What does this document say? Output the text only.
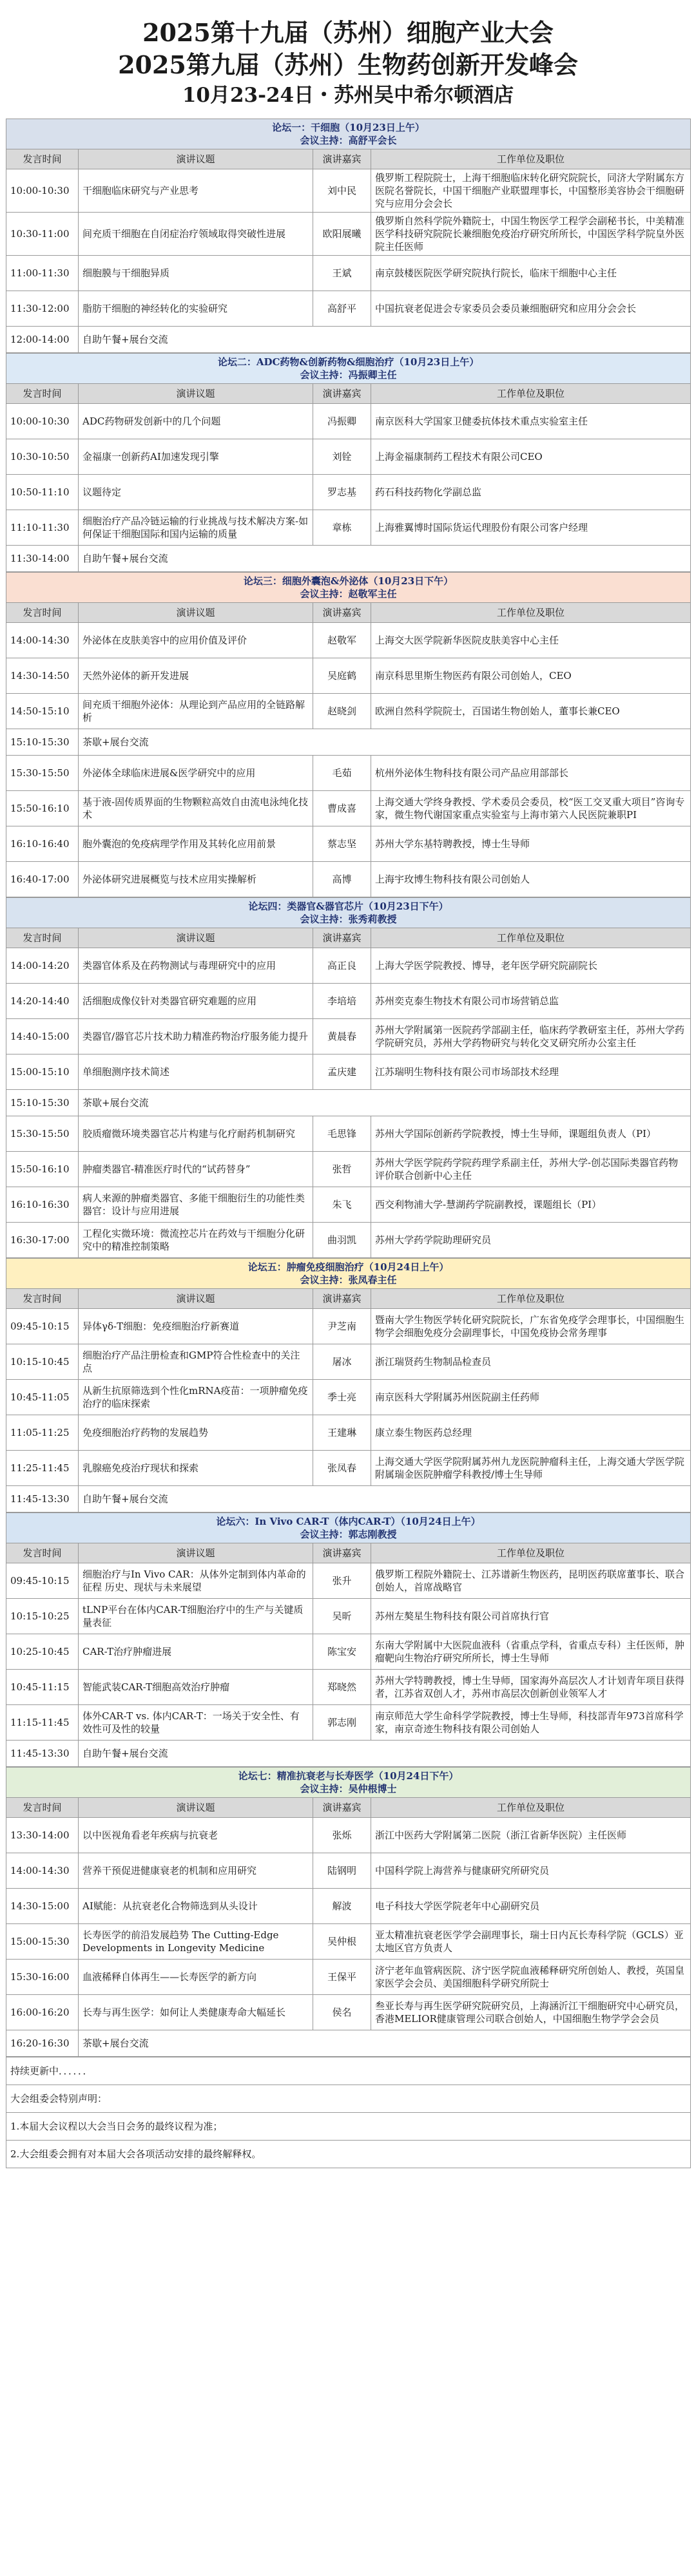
2025第十九届（苏州）细胞产业大会
2025第九届（苏州）生物药创新开发峰会
10月23-24日・苏州吴中希尔顿酒店
论坛一：干细胞（10月23日上午）
会议主持：高舒平会长			

发言时间	演讲议题	演讲嘉宾	工作单位及职位
10:00-10:30	干细胞临床研究与产业思考	刘中民	俄罗斯工程院院士，上海干细胞临床转化研究院院长，同济大学附属东方医院名誉院长，中国干细胞产业联盟理事长，中国整形美容协会干细胞研究与应用分会会长
10:30-11:00	间充质干细胞在自闭症治疗领域取得突破性进展	欧阳展曦	俄罗斯自然科学院外籍院士，中国生物医学工程学会副秘书长，中美精准医学科技研究院院长兼细胞免疫治疗研究所所长，中国医学科学院皇外医院主任医师
11:00-11:30	细胞膜与干细胞异质	王斌	南京鼓楼医院医学研究院执行院长，临床干细胞中心主任
11:30-12:00	脂肪干细胞的神经转化的实验研究	高舒平	中国抗衰老促进会专家委员会委员兼细胞研究和应用分会会长
12:00-14:00	自助午餐+展台交流		
论坛二：ADC药物&创新药物&细胞治疗（10月23日上午）
会议主持：冯振卿主任			

发言时间	演讲议题	演讲嘉宾	工作单位及职位
10:00-10:30	ADC药物研发创新中的几个问题	冯振卿	南京医科大学国家卫健委抗体技术重点实验室主任
10:30-10:50	金福康一创新药AI加速发现引擎	刘铨	上海金福康制药工程技术有限公司CEO
10:50-11:10	议题待定	罗志基	药石科技药物化学副总监
11:10-11:30	细胞治疗产品冷链运输的行业挑战与技术解决方案-如何保证干细胞国际和国内运输的质量	章栋	上海雅翼博时国际货运代理股份有限公司客户经理
11:30-14:00	自助午餐+展台交流		
论坛三：细胞外囊泡&外泌体（10月23日下午）
会议主持：赵敬军主任			

发言时间	演讲议题	演讲嘉宾	工作单位及职位
14:00-14:30	外泌体在皮肤美容中的应用价值及评价	赵敬军	上海交大医学院新华医院皮肤美容中心主任
14:30-14:50	天然外泌体的新开发进展	吴庭鹤	南京科思里斯生物医药有限公司创始人，CEO
14:50-15:10	间充质干细胞外泌体：从理论到产品应用的全链路解析	赵晓剑	欧洲自然科学院院士，百国诺生物创始人，董事长兼CEO
15:10-15:30	茶歇+展台交流		
15:30-15:50	外泌体全球临床进展&医学研究中的应用	毛茹	杭州外泌体生物科技有限公司产品应用部部长
15:50-16:10	基于液-固传质界面的生物颗粒高效自由流电泳纯化技术	曹成喜	上海交通大学终身教授、学术委员会委员，校“医工交叉重大项目”咨询专家，微生物代谢国家重点实验室与上海市第六人民医院兼职PI
16:10-16:40	胞外囊泡的免疫病理学作用及其转化应用前景	蔡志坚	苏州大学东基特聘教授，博士生导师
16:40-17:00	外泌体研究进展概览与技术应用实操解析	高博	上海宇玫博生物科技有限公司创始人
论坛四：类器官&器官芯片（10月23日下午）
会议主持：张秀莉教授			

发言时间	演讲议题	演讲嘉宾	工作单位及职位
14:00-14:20	类器官体系及在药物测试与毒理研究中的应用	高正良	上海大学医学院教授、博导，老年医学研究院副院长
14:20-14:40	活细胞成像仪针对类器官研究难题的应用	李培培	苏州奕克泰生物技术有限公司市场营销总监
14:40-15:00	类器官/器官芯片技术助力精准药物治疗服务能力提升	黄晨春	苏州大学附属第一医院药学部副主任，临床药学教研室主任，苏州大学药学院研究员，苏州大学药物研究与转化交叉研究所办公室主任
15:00-15:10	单细胞测序技术简述	孟庆建	江苏瑞明生物科技有限公司市场部技术经理
15:10-15:30	茶歇+展台交流		
15:30-15:50	胶质瘤微环境类器官芯片构建与化疗耐药机制研究	毛思锋	苏州大学国际创新药学院教授，博士生导师，课题组负责人（PI）
15:50-16:10	肿瘤类器官-精准医疗时代的“试药替身”	张哲	苏州大学医学院药学院药理学系副主任，苏州大学-创芯国际类器官药物评价联合创新中心主任
16:10-16:30	病人来源的肿瘤类器官、多能干细胞衍生的功能性类器官：设计与应用进展	朱飞	西交利物浦大学-慧湖药学院副教授，课题组长（PI）
16:30-17:00	工程化实微环境：微流控芯片在药效与干细胞分化研究中的精准控制策略	曲羽凯	苏州大学药学院助理研究员
论坛五：肿瘤免疫细胞治疗（10月24日上午）
会议主持：张凤春主任			

发言时间	演讲议题	演讲嘉宾	工作单位及职位
09:45-10:15	异体γδ-T细胞：免疫细胞治疗新赛道	尹芝南	暨南大学生物医学转化研究院院长，广东省免疫学会理事长，中国细胞生物学会细胞免疫分会副理事长，中国免疫协会常务理事
10:15-10:45	细胞治疗产品注册检查和GMP符合性检查中的关注点	屠冰	浙江瑞贤药生物制品检查员
10:45-11:05	从新生抗原筛选到个性化mRNA疫苗：一项肿瘤免疫治疗的临床探索	季士亮	南京医科大学附属苏州医院副主任药师
11:05-11:25	免疫细胞治疗药物的发展趋势	王建琳	康立泰生物医药总经理
11:25-11:45	乳腺癌免疫治疗现状和探索	张凤春	上海交通大学医学院附属苏州九龙医院肿瘤科主任，上海交通大学医学院附属瑞金医院肿瘤学科教授/博士生导师
11:45-13:30	自助午餐+展台交流		
论坛六：In Vivo CAR-T（体内CAR-T）（10月24日上午）
会议主持：郭志刚教授			

发言时间	演讲议题	演讲嘉宾	工作单位及职位
09:45-10:15	细胞治疗与In Vivo CAR：从体外定制到体内革命的征程 历史、现状与未来展望	张升	俄罗斯工程院外籍院士、江苏谱新生物医药，昆明医药联席董事长、联合创始人，首席战略官
10:15-10:25	tLNP平台在体内CAR-T细胞治疗中的生产与关键质量表征	吴昕	苏州左獒星生物科技有限公司首席执行官
10:25-10:45	CAR-T治疗肿瘤进展	陈宝安	东南大学附属中大医院血液科（省重点学科，省重点专科）主任医师，肿瘤靶向生物治疗研究所所长，博士生导师
10:45-11:15	智能武装CAR-T细胞高效治疗肿瘤	郑晓然	苏州大学特聘教授，博士生导师，国家海外高层次人才计划青年项目获得者，江苏省双创人才，苏州市高层次创新创业领军人才
11:15-11:45	体外CAR-T vs. 体内CAR-T：一场关于安全性、有效性可及性的较量	郭志刚	南京师范大学生命科学学院教授，博士生导师，科技部青年973首席科学家，南京奇迹生物科技有限公司创始人
11:45-13:30	自助午餐+展台交流		
论坛七：精准抗衰老与长寿医学（10月24日下午）
会议主持：吴仲根博士			

发言时间	演讲议题	演讲嘉宾	工作单位及职位
13:30-14:00	以中医视角看老年疾病与抗衰老	张烁	浙江中医药大学附属第二医院（浙江省新华医院）主任医师
14:00-14:30	营养干预促进健康衰老的机制和应用研究	陆钢明	中国科学院上海营养与健康研究所研究员
14:30-15:00	AI赋能：从抗衰老化合物筛选到从头设计	解波	电子科技大学医学院老年中心副研究员
15:00-15:30	长寿医学的前沿发展趋势 The Cutting-Edge Developments in Longevity Medicine	吴仲根	亚太精准抗衰老医学学会副理事长，瑞士日内瓦长寿科学院（GCLS）亚太地区官方负责人
15:30-16:00	血液稀释自体再生——长寿医学的新方向	王保平	济宁老年血管病医院、济宁医学院血液稀释研究所创始人、教授，英国皇家医学会会员、美国细胞科学研究所院士
16:00-16:20	长寿与再生医学：如何让人类健康寿命大幅延长	侯名	叁亚长寿与再生医学研究院研究员，上海涵沂江干细胞研究中心研究员，香港MELIOR健康管理公司联合创始人，中国细胞生物学学会会员
16:20-16:30	茶歇+展台交流		
持续更新中．．．．．．
大会组委会特别声明：
1.本届大会议程以大会当日会务的最终议程为准；
2.大会组委会拥有对本届大会各项活动安排的最终解释权。
